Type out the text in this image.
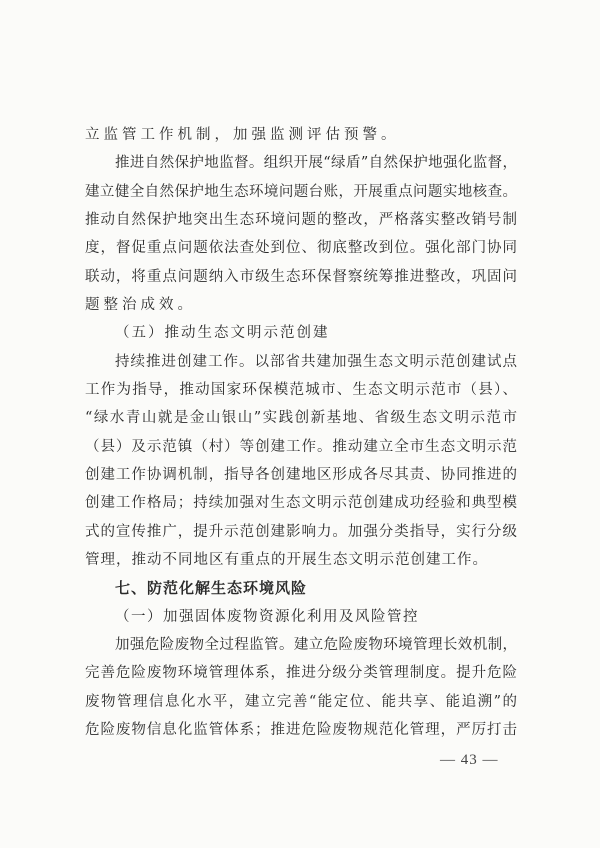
立监管工作机制，加强监测评估预警。
推进自然保护地监督。组织开展“绿盾”自然保护地强化监督，
建立健全自然保护地生态环境问题台账，开展重点问题实地核查。
推动自然保护地突出生态环境问题的整改，严格落实整改销号制
度，督促重点问题依法查处到位、彻底整改到位。强化部门协同
联动，将重点问题纳入市级生态环保督察统筹推进整改，巩固问
题整治成效。
（五）推动生态文明示范创建
持续推进创建工作。以部省共建加强生态文明示范创建试点
工作为指导，推动国家环保模范城市、生态文明示范市（县）、
“绿水青山就是金山银山”实践创新基地、省级生态文明示范市
（县）及示范镇（村）等创建工作。推动建立全市生态文明示范
创建工作协调机制，指导各创建地区形成各尽其责、协同推进的
创建工作格局；持续加强对生态文明示范创建成功经验和典型模
式的宣传推广，提升示范创建影响力。加强分类指导，实行分级
管理，推动不同地区有重点的开展生态文明示范创建工作。
七、防范化解生态环境风险
（一）加强固体废物资源化利用及风险管控
加强危险废物全过程监管。建立危险废物环境管理长效机制，
完善危险废物环境管理体系，推进分级分类管理制度。提升危险
废物管理信息化水平，建立完善“能定位、能共享、能追溯”的
危险废物信息化监管体系；推进危险废物规范化管理，严厉打击
— 43 —
